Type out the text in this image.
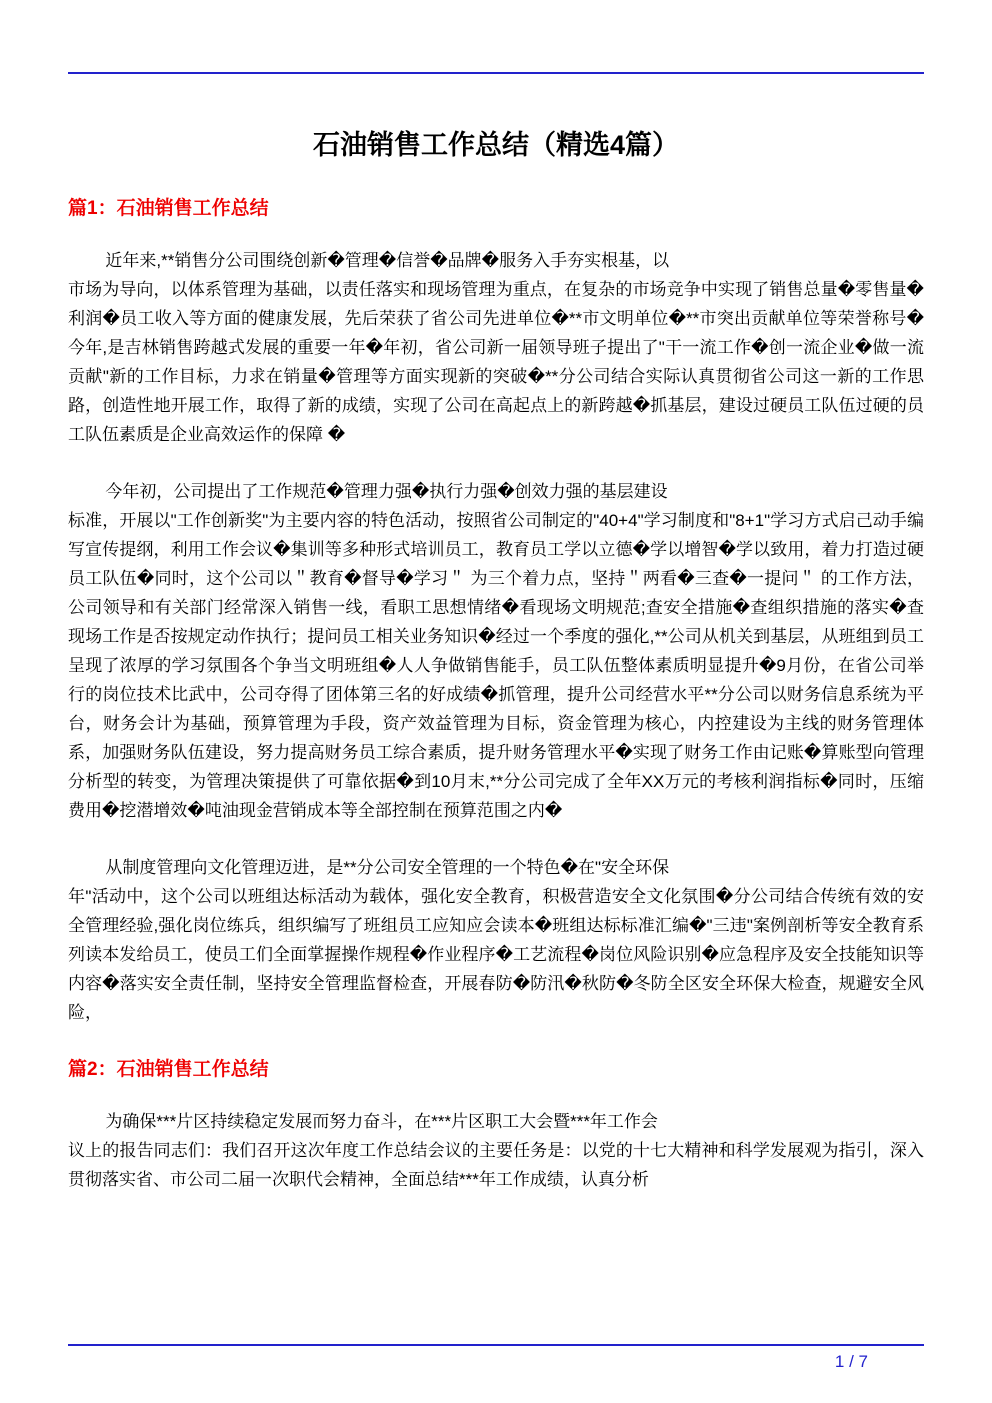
石油销售工作总结（精选4篇）
篇1：石油销售工作总结

近年来,**销售分公司围绕创新�管理�信誉�品牌�服务入手夯实根基，以
市场为导向，以体系管理为基础，以责任落实和现场管理为重点，在复杂的市场竞争中实现了销售总量�零售量�利润�员工收入等方面的健康发展，先后荣获了省公司先进单位�**市文明单位�**市突出贡献单位等荣誉称号�今年,是吉林销售跨越式发展的重要一年�年初，省公司新一届领导班子提出了"干一流工作�创一流企业�做一流贡献"新的工作目标，力求在销量�管理等方面实现新的突破�**分公司结合实际认真贯彻省公司这一新的工作思路，创造性地开展工作，取得了新的成绩，实现了公司在高起点上的新跨越�抓基层，建设过硬员工队伍过硬的员工队伍素质是企业高效运作的保障 �

今年初，公司提出了工作规范�管理力强�执行力强�创效力强的基层建设
标准，开展以"工作创新奖"为主要内容的特色活动，按照省公司制定的"40+4"学习制度和"8+1"学习方式启己动手编写宣传提纲，利用工作会议�集训等多种形式培训员工，教育员工学以立德�学以增智�学以致用，着力打造过硬员工队伍�同时，这个公司以＂教育�督导�学习＂ 为三个着力点，坚持＂两看�三查�一提问＂ 的工作方法，公司领导和有关部门经常深入销售一线，看职工思想情绪�看现场文明规范;查安全措施�查组织措施的落实�查现场工作是否按规定动作执行；提问员工相关业务知识�经过一个季度的强化,**公司从机关到基层，从班组到员工呈现了浓厚的学习氛围各个争当文明班组�人人争做销售能手，员工队伍整体素质明显提升�9月份，在省公司举行的岗位技术比武中，公司夺得了团体第三名的好成绩�抓管理，提升公司经营水平**分公司以财务信息系统为平台，财务会计为基础，预算管理为手段，资产效益管理为目标，资金管理为核心，内控建设为主线的财务管理体系，加强财务队伍建设，努力提高财务员工综合素质，提升财务管理水平�实现了财务工作由记账�算账型向管理分析型的转变，为管理决策提供了可靠依据�到10月末,**分公司完成了全年XX万元的考核利润指标�同时，压缩费用�挖潜增效�吨油现金营销成本等全部控制在预算范围之内�

从制度管理向文化管理迈进，是**分公司安全管理的一个特色�在"安全环保
年"活动中，这个公司以班组达标活动为载体，强化安全教育，积极营造安全文化氛围�分公司结合传统有效的安全管理经验,强化岗位练兵，组织编写了班组员工应知应会读本�班组达标标准汇编�"三违"案例剖析等安全教育系列读本发给员工，使员工们全面掌握操作规程�作业程序�工艺流程�岗位风险识别�应急程序及安全技能知识等内容�落实安全责任制，坚持安全管理监督检查，开展春防�防汛�秋防�冬防全区安全环保大检查，规避安全风险，

篇2：石油销售工作总结

为确保***片区持续稳定发展而努力奋斗，在***片区职工大会暨***年工作会
议上的报告同志们：我们召开这次年度工作总结会议的主要任务是：以党的十七大精神和科学发展观为指引，深入贯彻落实省、市公司二届一次职代会精神，全面总结***年工作成绩，认真分析

1 / 7
